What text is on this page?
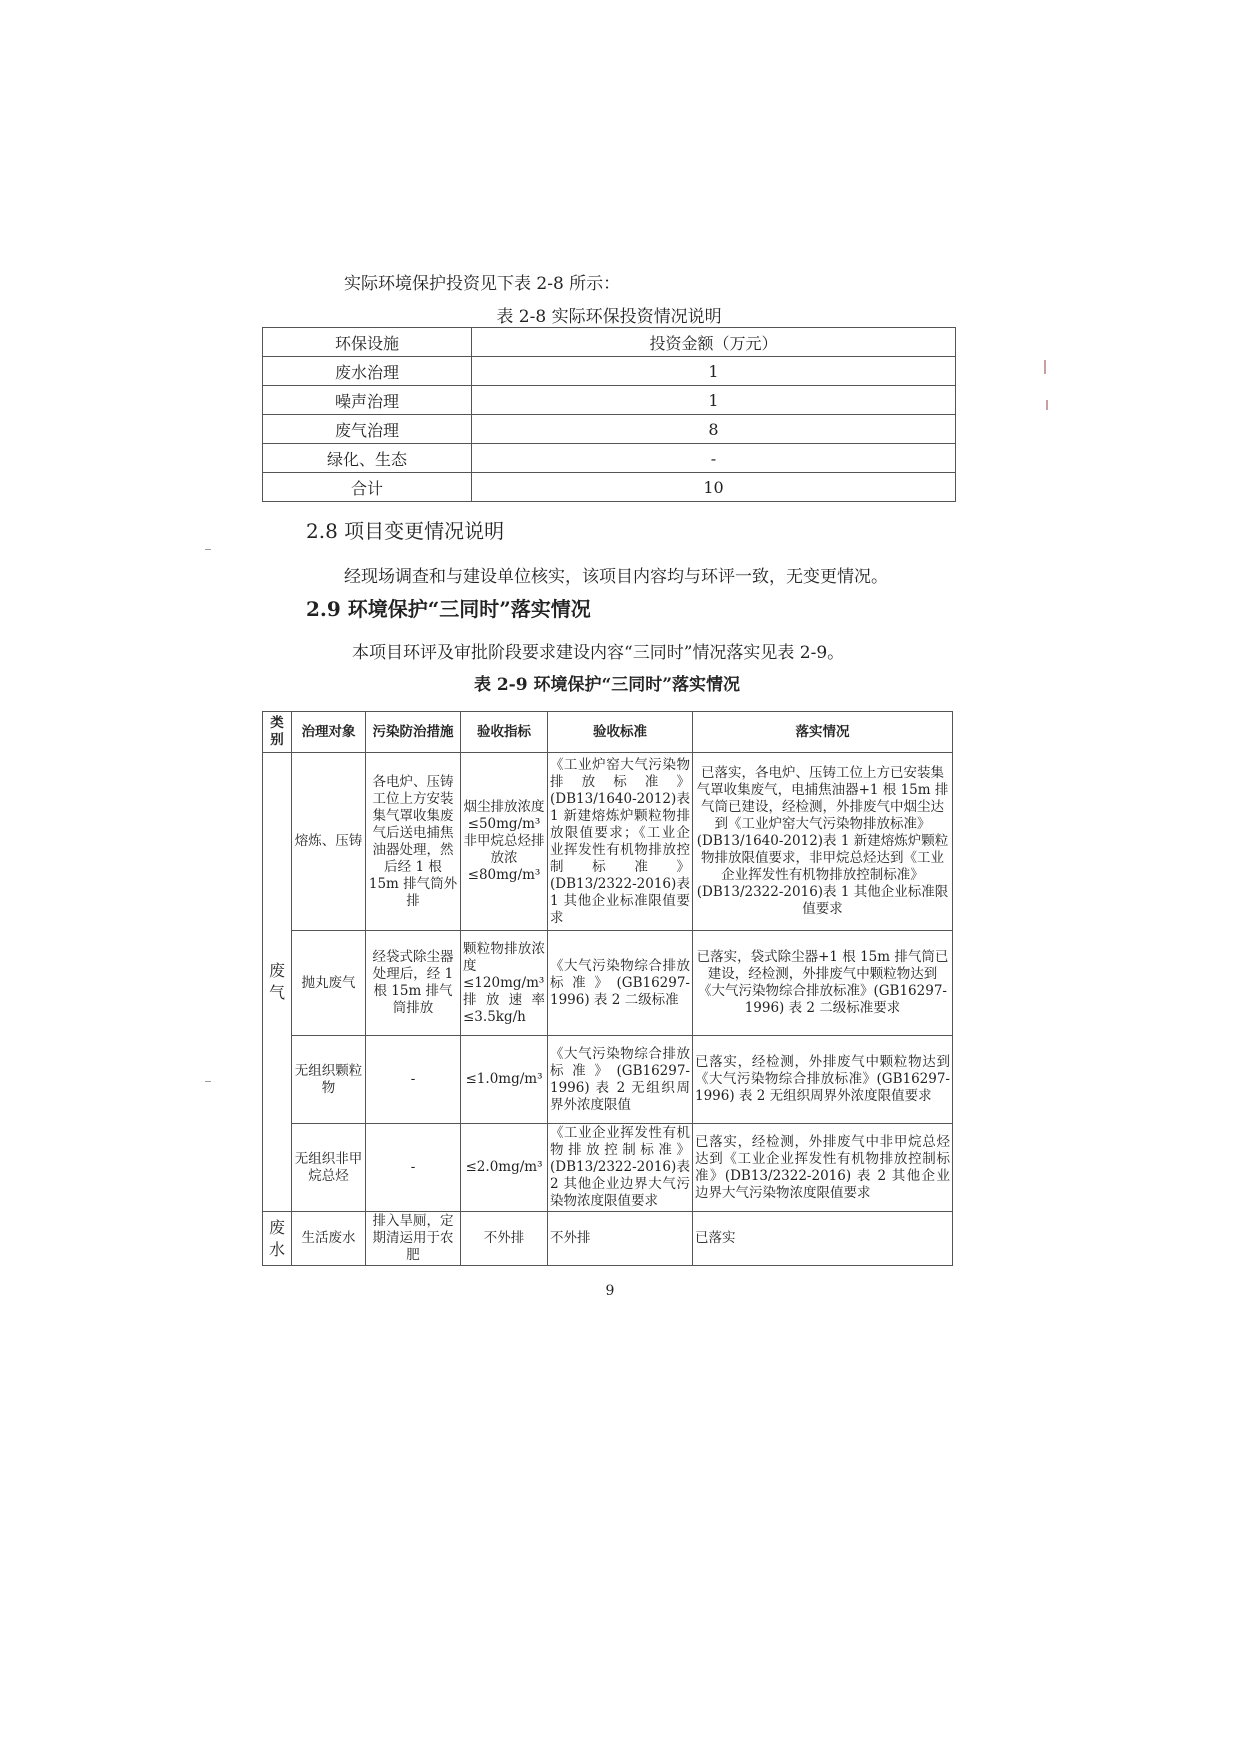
实际环境保护投资见下表 2-8 所示：

表 2-8 实际环保投资情况说明

环保设施	投资金额（万元）
废水治理	1
噪声治理	1
废气治理	8
绿化、生态	-
合计	10
2.8 项目变更情况说明

经现场调查和与建设单位核实，该项目内容均与环评一致，无变更情况。

2.9 环境保护“三同时”落实情况

本项目环评及审批阶段要求建设内容“三同时”情况落实见表 2-9。

表 2-9 环境保护“三同时”落实情况

类别	治理对象	污染防治措施	验收指标	验收标准	落实情况
废气	熔炼、压铸	各电炉、压铸工位上方安装集气罩收集废气后送电捕焦油器处理，然后经 1 根 15m 排气筒外排	烟尘排放浓度≤50mg/m³ 非甲烷总烃排放浓≤80mg/m³	《工业炉窑大气污染物排放标准》(DB13/1640-2012)表 1 新建熔炼炉颗粒物排放限值要求；《工业企业挥发性有机物排放控制标准》(DB13/2322-2016)表 1 其他企业标准限值要求	已落实，各电炉、压铸工位上方已安装集气罩收集废气，电捕焦油器+1 根 15m 排气筒已建设，经检测，外排废气中烟尘达到《工业炉窑大气污染物排放标准》(DB13/1640-2012)表 1 新建熔炼炉颗粒物排放限值要求，非甲烷总烃达到《工业企业挥发性有机物排放控制标准》(DB13/2322-2016)表 1 其他企业标准限值要求
	抛丸废气	经袋式除尘器处理后，经 1 根 15m 排气筒排放	颗粒物排放浓度≤120mg/m³ 排放速率≤3.5kg/h	《大气污染物综合排放标准》(GB16297-1996) 表 2 二级标准	已落实，袋式除尘器+1 根 15m 排气筒已建设，经检测，外排废气中颗粒物达到《大气污染物综合排放标准》(GB16297-1996) 表 2 二级标准要求
	无组织颗粒物	-	≤1.0mg/m³	《大气污染物综合排放标准》(GB16297-1996) 表 2 无组织周界外浓度限值	已落实，经检测，外排废气中颗粒物达到《大气污染物综合排放标准》(GB16297-1996) 表 2 无组织周界外浓度限值要求
	无组织非甲烷总烃	-	≤2.0mg/m³	《工业企业挥发性有机物排放控制标准》(DB13/2322-2016)表 2 其他企业边界大气污染物浓度限值要求	已落实，经检测，外排废气中非甲烷总烃达到《工业企业挥发性有机物排放控制标准》(DB13/2322-2016) 表 2 其他企业边界大气污染物浓度限值要求
废水	生活废水	排入旱厕，定期清运用于农肥	不外排	不外排	已落实
9
